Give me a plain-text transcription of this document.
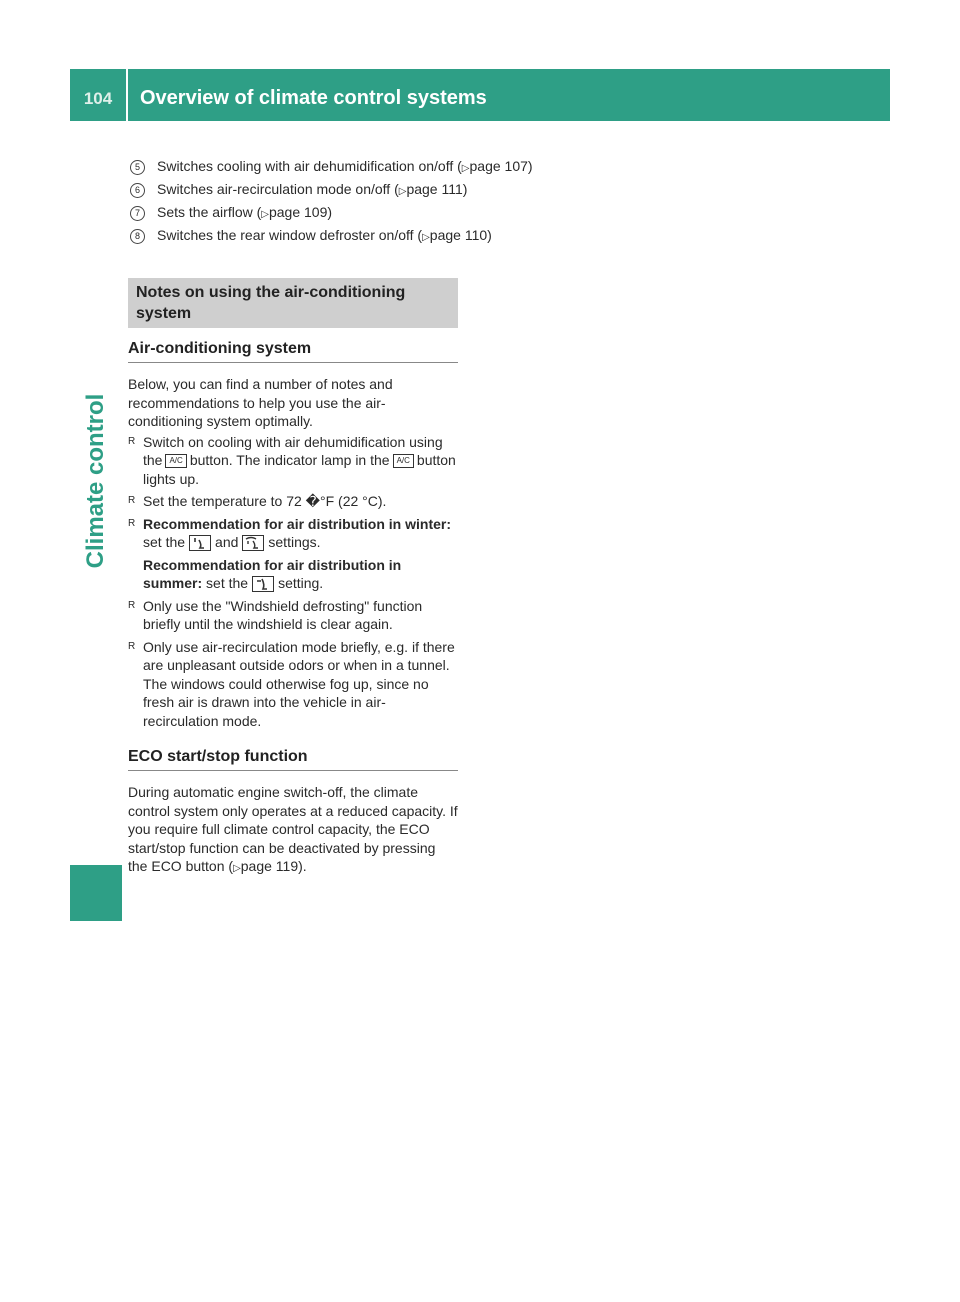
104	Overview of climate control systems
Climate control
5	Switches cooling with air dehumidification on/off (▷page 107)
6	Switches air-recirculation mode on/off (▷page 111)
7	Sets the airflow (▷page 109)
8	Switches the rear window defroster on/off (▷page 110)
Notes on using the air-conditioning system
Air-conditioning system

Below, you can find a number of notes and recommendations to help you use the air-conditioning system optimally.

R Switch on cooling with air dehumidification using the A/C button. The indicator lamp in the A/C button lights up.
R Set the temperature to 72 �°F (22 ‌°C).
R Recommendation for air distribution in winter: set the and settings.
Recommendation for air distribution in summer: set the setting.
R Only use the "Windshield defrosting" function briefly until the windshield is clear again.
R Only use air-recirculation mode briefly, e.g. if there are unpleasant outside odors or when in a tunnel. The windows could otherwise fog up, since no fresh air is drawn into the vehicle in air-recirculation mode.
ECO start/stop function

During automatic engine switch-off, the climate control system only operates at a reduced capacity. If you require full climate control capacity, the ECO start/stop function can be deactivated by pressing the ECO button (▷page 119).
